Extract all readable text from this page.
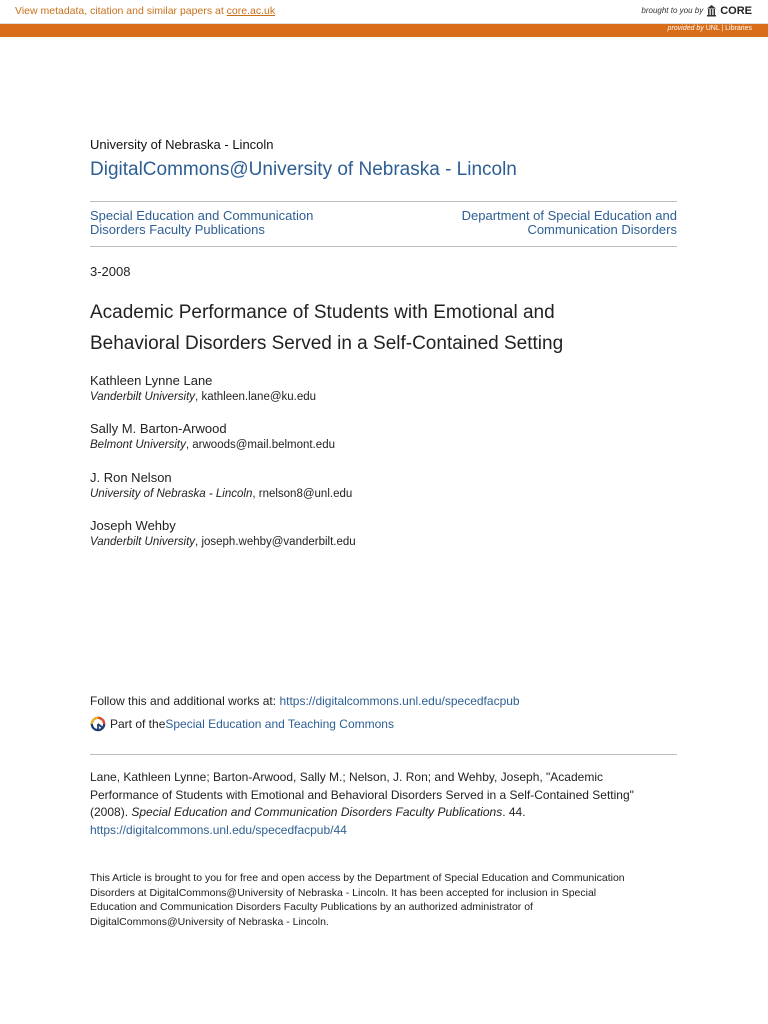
View metadata, citation and similar papers at core.ac.uk	brought to you by CORE
provided by UNL | Libraries
University of Nebraska - Lincoln
DigitalCommons@University of Nebraska - Lincoln
Special Education and Communication
Disorders Faculty Publications
Department of Special Education and
Communication Disorders
3-2008
Academic Performance of Students with Emotional and
Behavioral Disorders Served in a Self-Contained Setting
Kathleen Lynne Lane
Vanderbilt University, kathleen.lane@ku.edu
Sally M. Barton-Arwood
Belmont University, arwoods@mail.belmont.edu
J. Ron Nelson
University of Nebraska - Lincoln, rnelson8@unl.edu
Joseph Wehby
Vanderbilt University, joseph.wehby@vanderbilt.edu
Follow this and additional works at: https://digitalcommons.unl.edu/specedfacpub
Part of the Special Education and Teaching Commons
Lane, Kathleen Lynne; Barton-Arwood, Sally M.; Nelson, J. Ron; and Wehby, Joseph, "Academic
Performance of Students with Emotional and Behavioral Disorders Served in a Self-Contained Setting"
(2008). Special Education and Communication Disorders Faculty Publications. 44.
https://digitalcommons.unl.edu/specedfacpub/44
This Article is brought to you for free and open access by the Department of Special Education and Communication
Disorders at DigitalCommons@University of Nebraska - Lincoln. It has been accepted for inclusion in Special
Education and Communication Disorders Faculty Publications by an authorized administrator of
DigitalCommons@University of Nebraska - Lincoln.
